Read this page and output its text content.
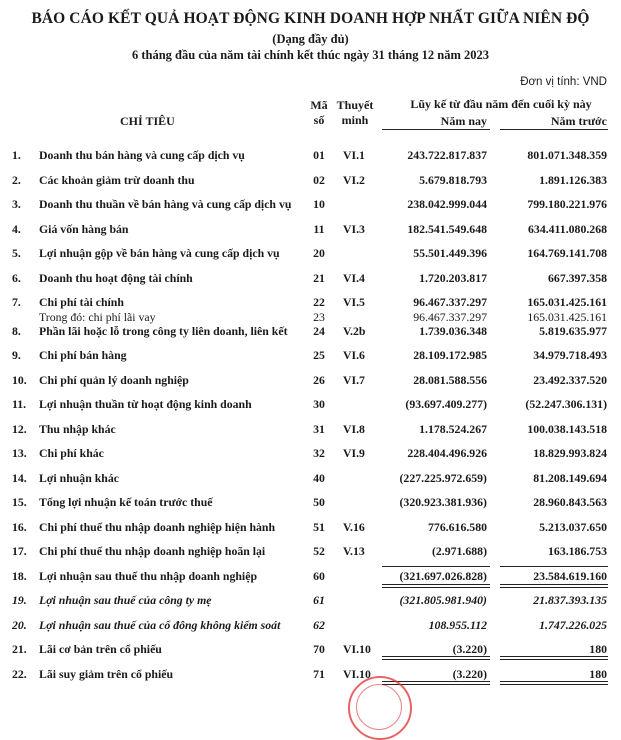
BÁO CÁO KẾT QUẢ HOẠT ĐỘNG KINH DOANH HỢP NHẤT GIỮA NIÊN ĐỘ
(Dạng đầy đủ)
6 tháng đầu của năm tài chính kết thúc ngày 31 tháng 12 năm 2023
Đơn vị tính: VND
CHỈ TIÊU
Mã
số
Thuyết
minh
Lũy kế từ đầu năm đến cuối kỳ này
Năm nay	Năm trước
1. Doanh thu bán hàng và cung cấp dịch vụ	01	VI.1	243.722.817.837	801.071.348.359
2. Các khoản giảm trừ doanh thu	02	VI.2	5.679.818.793	1.891.126.383
3. Doanh thu thuần về bán hàng và cung cấp dịch vụ	10	238.042.999.044	799.180.221.976
4. Giá vốn hàng bán	11	VI.3	182.541.549.648	634.411.080.268
5. Lợi nhuận gộp về bán hàng và cung cấp dịch vụ	20	55.501.449.396	164.769.141.708
6. Doanh thu hoạt động tài chính	21	VI.4	1.720.203.817	667.397.358
7. Chi phí tài chính	22	VI.5	96.467.337.297	165.031.425.161
Trong đó: chi phí lãi vay	23	96.467.337.297	165.031.425.161
8. Phần lãi hoặc lỗ trong công ty liên doanh, liên kết	24	V.2b	1.739.036.348	5.819.635.977
9. Chi phí bán hàng	25	VI.6	28.109.172.985	34.979.718.493
10. Chi phí quản lý doanh nghiệp	26	VI.7	28.081.588.556	23.492.337.520
11. Lợi nhuận thuần từ hoạt động kinh doanh	30	(93.697.409.277)	(52.247.306.131)
12. Thu nhập khác	31	VI.8	1.178.524.267	100.038.143.518
13. Chi phí khác	32	VI.9	228.404.496.926	18.829.993.824
14. Lợi nhuận khác	40	(227.225.972.659)	81.208.149.694
15. Tổng lợi nhuận kế toán trước thuế	50	(320.923.381.936)	28.960.843.563
16. Chi phí thuế thu nhập doanh nghiệp hiện hành	51	V.16	776.616.580	5.213.037.650
17. Chi phí thuế thu nhập doanh nghiệp hoãn lại	52	V.13	(2.971.688)	163.186.753
18. Lợi nhuận sau thuế thu nhập doanh nghiệp	60	(321.697.026.828)	23.584.619.160
19. Lợi nhuận sau thuế của công ty mẹ	61	(321.805.981.940)	21.837.393.135
20. Lợi nhuận sau thuế của cổ đông không kiểm soát	62	108.955.112	1.747.226.025
21. Lãi cơ bản trên cổ phiếu	70	VI.10	(3.220)	180
22. Lãi suy giảm trên cổ phiếu	71	VI.10	(3.220)	180
